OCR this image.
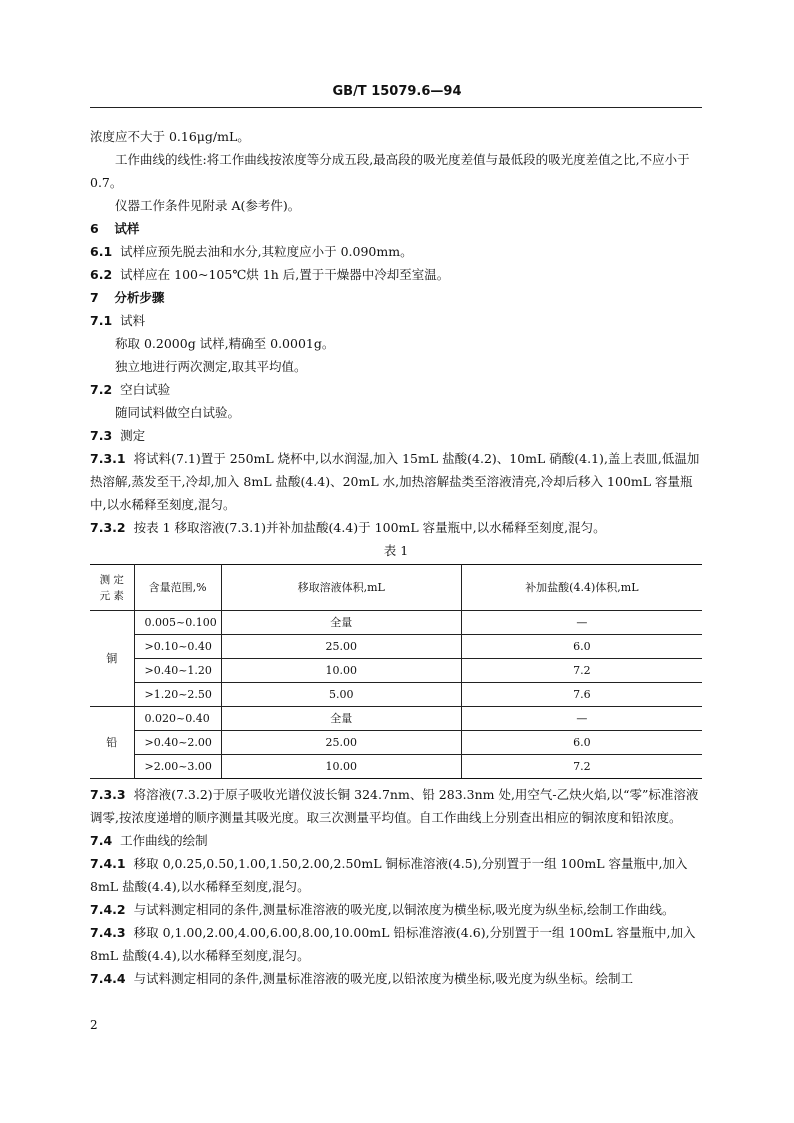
GB/T 15079.6—94

浓度应不大于 0.16μg/mL。

工作曲线的线性:将工作曲线按浓度等分成五段,最高段的吸光度差值与最低段的吸光度差值之比,不应小于 0.7。

仪器工作条件见附录 A(参考件)。

6 试样

6.1 试样应预先脱去油和水分,其粒度应小于 0.090mm。

6.2 试样应在 100~105℃烘 1h 后,置于干燥器中冷却至室温。

7 分析步骤

7.1 试料

称取 0.2000g 试样,精确至 0.0001g。

独立地进行两次测定,取其平均值。

7.2 空白试验

随同试料做空白试验。

7.3 测定

7.3.1 将试料(7.1)置于 250mL 烧杯中,以水润湿,加入 15mL 盐酸(4.2)、10mL 硝酸(4.1),盖上表皿,低温加热溶解,蒸发至干,冷却,加入 8mL 盐酸(4.4)、20mL 水,加热溶解盐类至溶液清亮,冷却后移入 100mL 容量瓶中,以水稀释至刻度,混匀。

7.3.2 按表 1 移取溶液(7.3.1)并补加盐酸(4.4)于 100mL 容量瓶中,以水稀释至刻度,混匀。

表 1

测 定
元 素	含量范围,%	移取溶液体积,mL	补加盐酸(4.4)体积,mL
铜	0.005~0.100	全量	—
	>0.10~0.40	25.00	6.0
	>0.40~1.20	10.00	7.2
	>1.20~2.50	5.00	7.6
铅	0.020~0.40	全量	—
	>0.40~2.00	25.00	6.0
	>2.00~3.00	10.00	7.2

7.3.3 将溶液(7.3.2)于原子吸收光谱仪波长铜 324.7nm、铅 283.3nm 处,用空气-乙炔火焰,以“零”标准溶液调零,按浓度递增的顺序测量其吸光度。取三次测量平均值。自工作曲线上分别查出相应的铜浓度和铅浓度。

7.4 工作曲线的绘制

7.4.1 移取 0,0.25,0.50,1.00,1.50,2.00,2.50mL 铜标准溶液(4.5),分别置于一组 100mL 容量瓶中,加入 8mL 盐酸(4.4),以水稀释至刻度,混匀。

7.4.2 与试料测定相同的条件,测量标准溶液的吸光度,以铜浓度为横坐标,吸光度为纵坐标,绘制工作曲线。

7.4.3 移取 0,1.00,2.00,4.00,6.00,8.00,10.00mL 铅标准溶液(4.6),分别置于一组 100mL 容量瓶中,加入 8mL 盐酸(4.4),以水稀释至刻度,混匀。

7.4.4 与试料测定相同的条件,测量标准溶液的吸光度,以铅浓度为横坐标,吸光度为纵坐标。绘制工

2
